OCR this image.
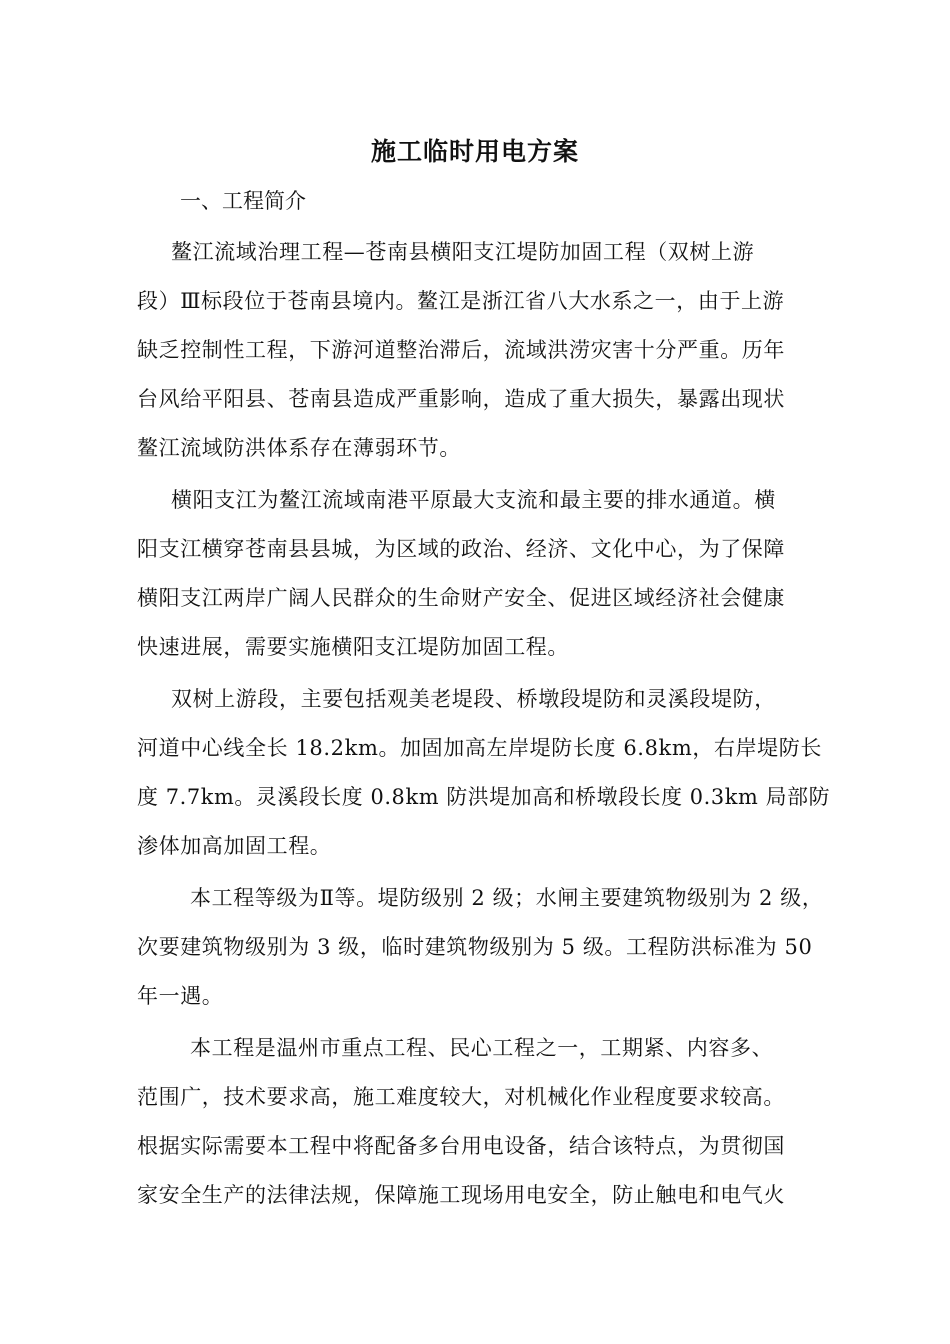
施工临时用电方案
一、工程简介
鳌江流域治理工程—苍南县横阳支江堤防加固工程（双树上游
段）Ⅲ标段位于苍南县境内。鳌江是浙江省八大水系之一，由于上游
缺乏控制性工程，下游河道整治滞后，流域洪涝灾害十分严重。历年
台风给平阳县、苍南县造成严重影响，造成了重大损失，暴露出现状
鳌江流域防洪体系存在薄弱环节。
横阳支江为鳌江流域南港平原最大支流和最主要的排水通道。横
阳支江横穿苍南县县城，为区域的政治、经济、文化中心，为了保障
横阳支江两岸广阔人民群众的生命财产安全、促进区域经济社会健康
快速进展，需要实施横阳支江堤防加固工程。
双树上游段，主要包括观美老堤段、桥墩段堤防和灵溪段堤防，
河道中心线全长 18.2km。加固加高左岸堤防长度 6.8km，右岸堤防长
度 7.7km。灵溪段长度 0.8km 防洪堤加高和桥墩段长度 0.3km 局部防
渗体加高加固工程。
本工程等级为Ⅱ等。堤防级别 2 级；水闸主要建筑物级别为 2 级，
次要建筑物级别为 3 级，临时建筑物级别为 5 级。工程防洪标准为 50
年一遇。
本工程是温州市重点工程、民心工程之一，工期紧、内容多、
范围广，技术要求高，施工难度较大，对机械化作业程度要求较高。
根据实际需要本工程中将配备多台用电设备，结合该特点，为贯彻国
家安全生产的法律法规，保障施工现场用电安全，防止触电和电气火
